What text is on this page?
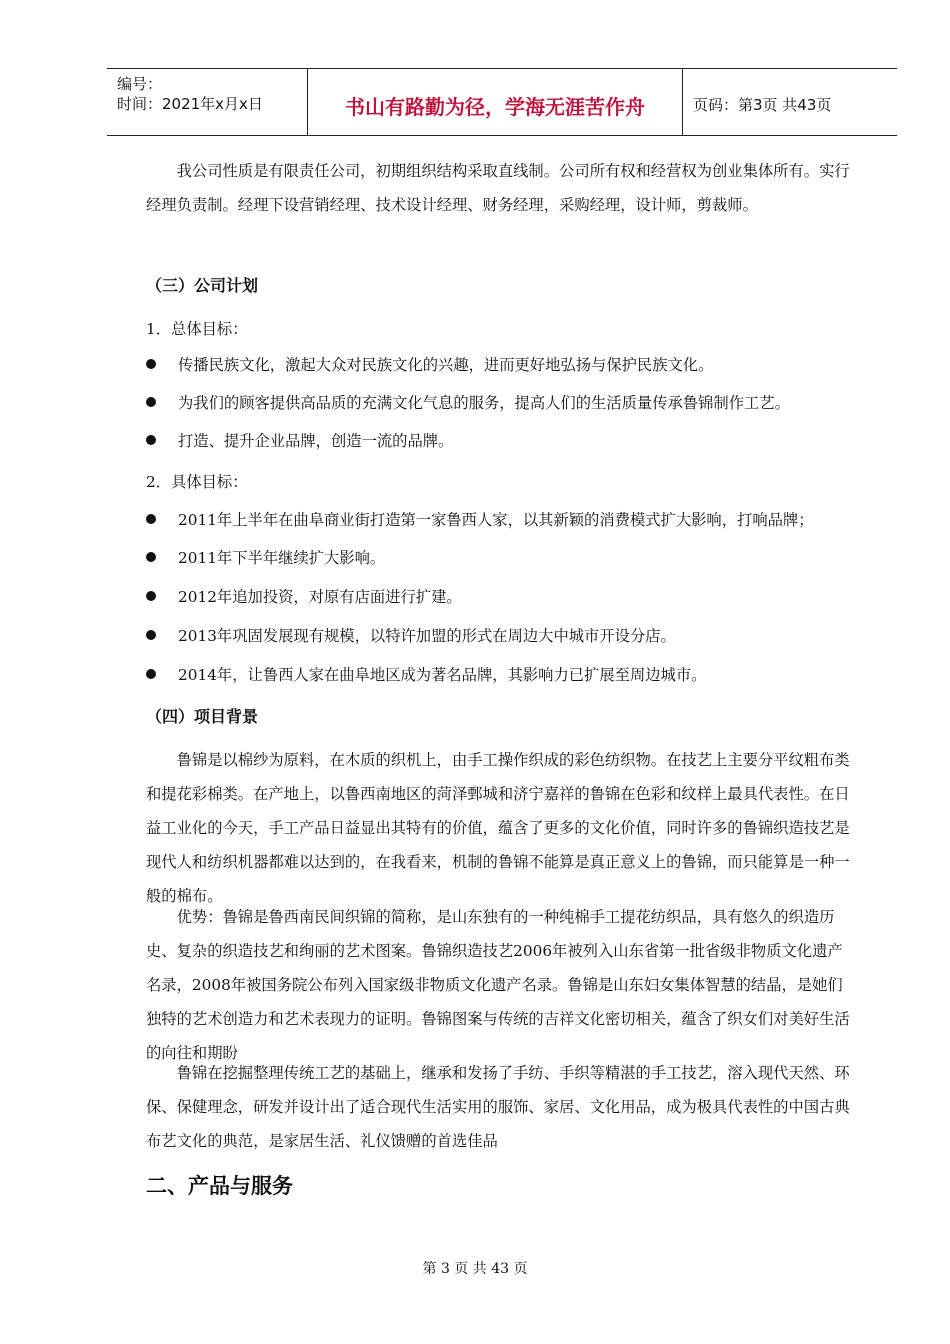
编号：
时间：2021年x月x日	书山有路勤为径，学海无涯苦作舟	页码：第3页 共43页

我公司性质是有限责任公司，初期组织结构采取直线制。公司所有权和经营权为创业集体所有。实行经理负责制。经理下设营销经理、技术设计经理、财务经理，采购经理，设计师，剪裁师。

（三）公司计划
1．总体目标：
传播民族文化，激起大众对民族文化的兴趣，进而更好地弘扬与保护民族文化。
为我们的顾客提供高品质的充满文化气息的服务，提高人们的生活质量传承鲁锦制作工艺。
打造、提升企业品牌，创造一流的品牌。
2．具体目标：
2011年上半年在曲阜商业街打造第一家鲁西人家，以其新颖的消费模式扩大影响，打响品牌；
2011年下半年继续扩大影响。
2012年追加投资，对原有店面进行扩建。
2013年巩固发展现有规模，以特许加盟的形式在周边大中城市开设分店。
2014年，让鲁西人家在曲阜地区成为著名品牌，其影响力已扩展至周边城市。
（四）项目背景

鲁锦是以棉纱为原料，在木质的织机上，由手工操作织成的彩色纺织物。在技艺上主要分平纹粗布类和提花彩棉类。在产地上，以鲁西南地区的菏泽鄄城和济宁嘉祥的鲁锦在色彩和纹样上最具代表性。在日益工业化的今天，手工产品日益显出其特有的价值，蕴含了更多的文化价值，同时许多的鲁锦织造技艺是现代人和纺织机器都难以达到的，在我看来，机制的鲁锦不能算是真正意义上的鲁锦，而只能算是一种一般的棉布。

优势：鲁锦是鲁西南民间织锦的简称，是山东独有的一种纯棉手工提花纺织品，具有悠久的织造历史、复杂的织造技艺和绚丽的艺术图案。鲁锦织造技艺2006年被列入山东省第一批省级非物质文化遗产名录，2008年被国务院公布列入国家级非物质文化遗产名录。鲁锦是山东妇女集体智慧的结晶，是她们独特的艺术创造力和艺术表现力的证明。鲁锦图案与传统的吉祥文化密切相关，蕴含了织女们对美好生活的向往和期盼

鲁锦在挖掘整理传统工艺的基础上，继承和发扬了手纺、手织等精湛的手工技艺，溶入现代天然、环保、保健理念，研发并设计出了适合现代生活实用的服饰、家居、文化用品，成为极具代表性的中国古典布艺文化的典范，是家居生活、礼仪馈赠的首选佳品

二、产品与服务
第 3 页 共 43 页
